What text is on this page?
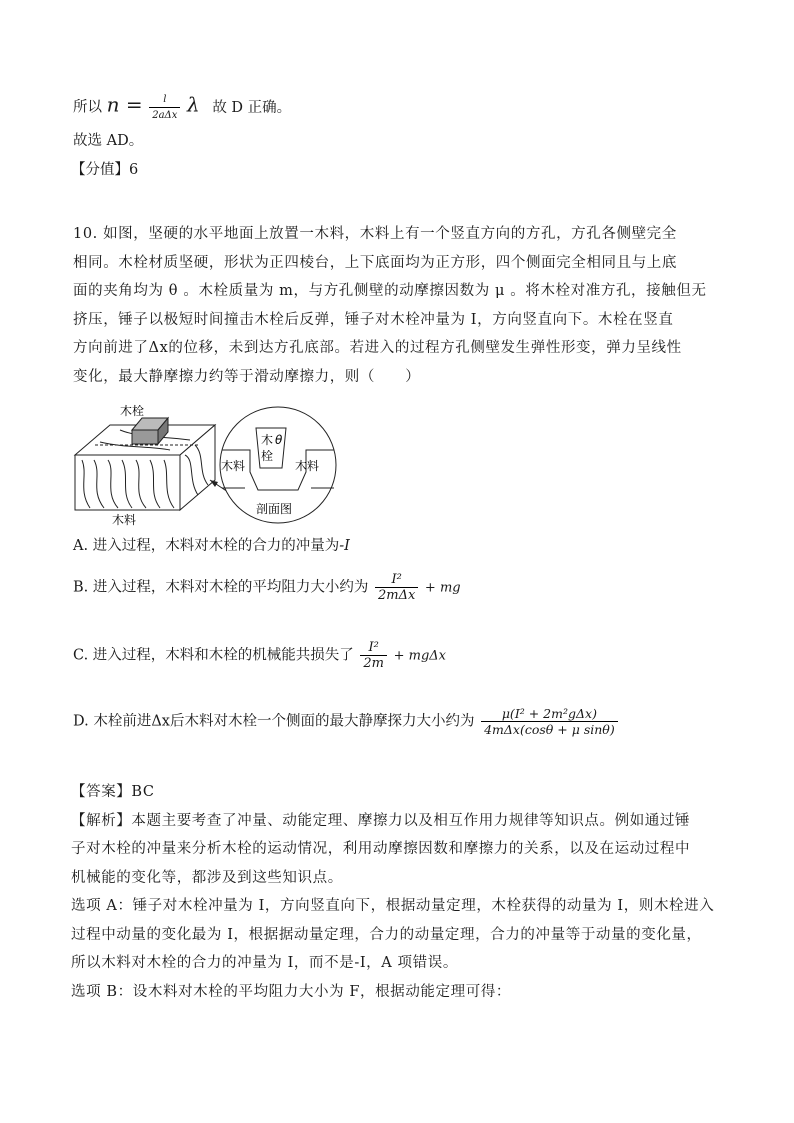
所以 $n = \frac{l}{\text{2aΔx}}$ λ 故 D 正确。
故选 AD。
【分值】6
10. 如图，坚硬的水平地面上放置一木料，木料上有一个竖直方向的方孔，方孔各侧壁完全
相同。木栓材质坚硬，形状为正四棱台，上下底面均为正方形，四个侧面完全相同且与上底
面的夹角均为 θ 。木栓质量为 m，与方孔侧壁的动摩擦因数为 μ 。将木栓对准方孔，接触但无
挤压，锤子以极短时间撞击木栓后反弹，锤子对木栓冲量为 I，方向竖直向下。木栓在竖直
方向前进了Δx的位移，未到达方孔底部。若进入的过程方孔侧壁发生弹性形变，弹力呈线性
变化，最大静摩擦力约等于滑动摩擦力，则（　　）
木栓
木料
木料	木料
木
栓
θ
剖面图
A. 进入过程，木料对木栓的合力的冲量为-I
B. 进入过程，木料对木栓的平均阻力大小约为 $\frac{\text{I²}}{\text{2mΔx}}$ + mg
C. 进入过程，木料和木栓的机械能共损失了 $\frac{\text{I²}}{2m} + mg\Delta x$
D. 木栓前进Δx后木料对木栓一个侧面的最大静摩探力大小约为 $\frac{\text{μ(I² + 2m²gΔx)}}{\text{4mΔx(cosθ + μ sinθ)}}$
【答案】BC
【解析】本题主要考查了冲量、动能定理、摩擦力以及相互作用力规律等知识点。例如通过锤
子对木栓的冲量来分析木栓的运动情况，利用动摩擦因数和摩擦力的关系，以及在运动过程中
机械能的变化等，都涉及到这些知识点。
选项 A：锤子对木栓冲量为 I，方向竖直向下，根据动量定理，木栓获得的动量为 I，则木栓进入
过程中动量的变化最为 I，根据据动量定理，合力的动量定理，合力的冲量等于动量的变化量，
所以木料对木栓的合力的冲量为 I，而不是-I，A 项错误。
选项 B：设木料对木栓的平均阻力大小为 F，根据动能定理可得：
